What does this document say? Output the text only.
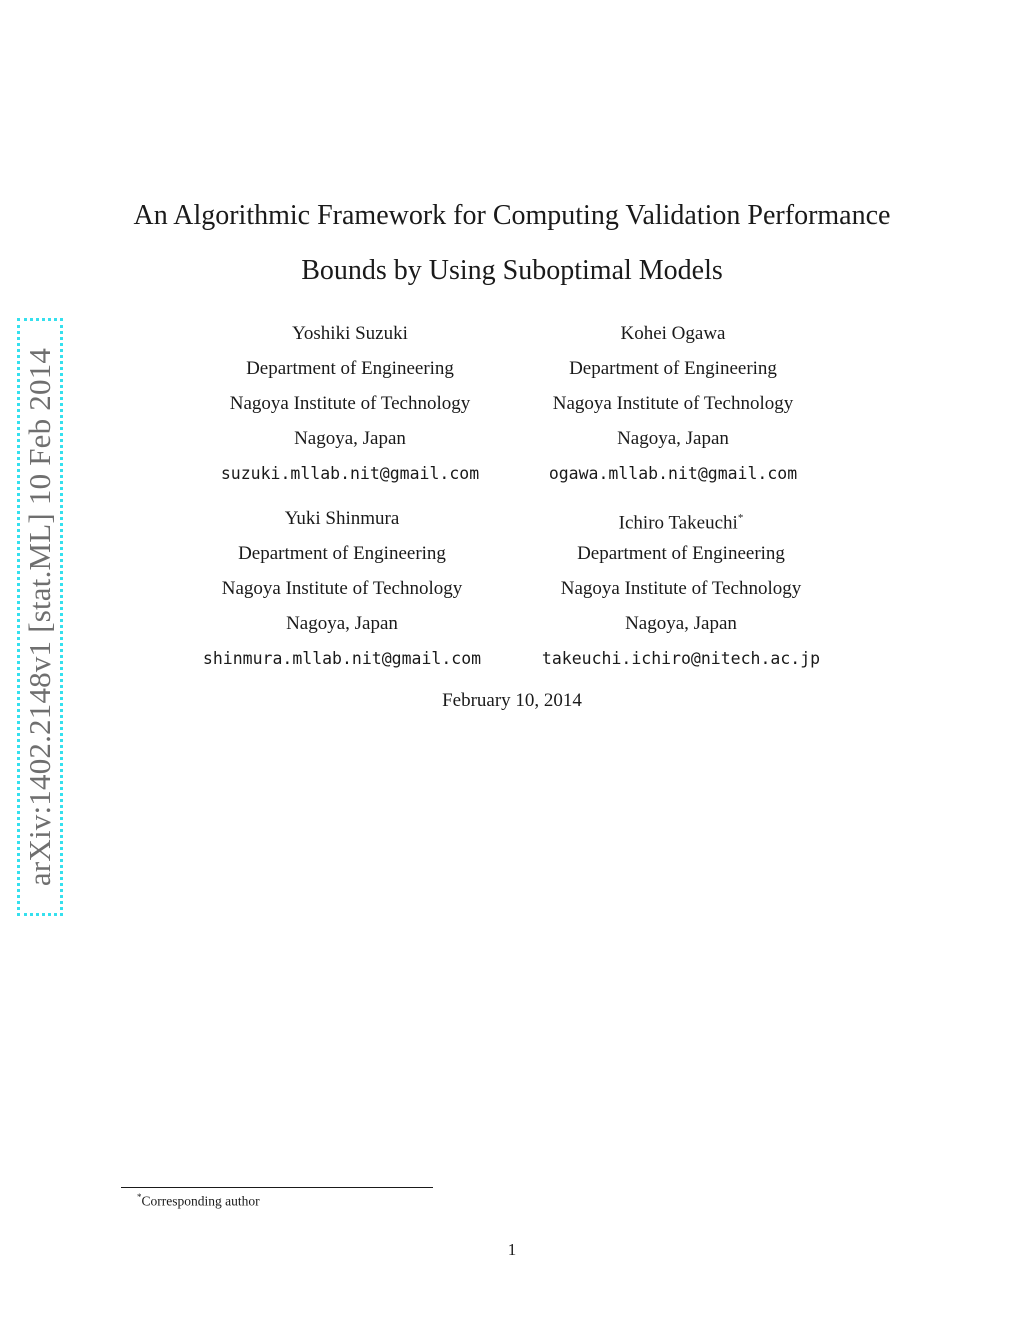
arXiv:1402.2148v1 [stat.ML] 10 Feb 2014
An Algorithmic Framework for Computing Validation Performance
Bounds by Using Suboptimal Models
Yoshiki Suzuki
Department of Engineering
Nagoya Institute of Technology
Nagoya, Japan
suzuki.mllab.nit@gmail.com
Kohei Ogawa
Department of Engineering
Nagoya Institute of Technology
Nagoya, Japan
ogawa.mllab.nit@gmail.com
Yuki Shinmura
Department of Engineering
Nagoya Institute of Technology
Nagoya, Japan
shinmura.mllab.nit@gmail.com
Ichiro Takeuchi*
Department of Engineering
Nagoya Institute of Technology
Nagoya, Japan
takeuchi.ichiro@nitech.ac.jp
February 10, 2014
*Corresponding author
1
